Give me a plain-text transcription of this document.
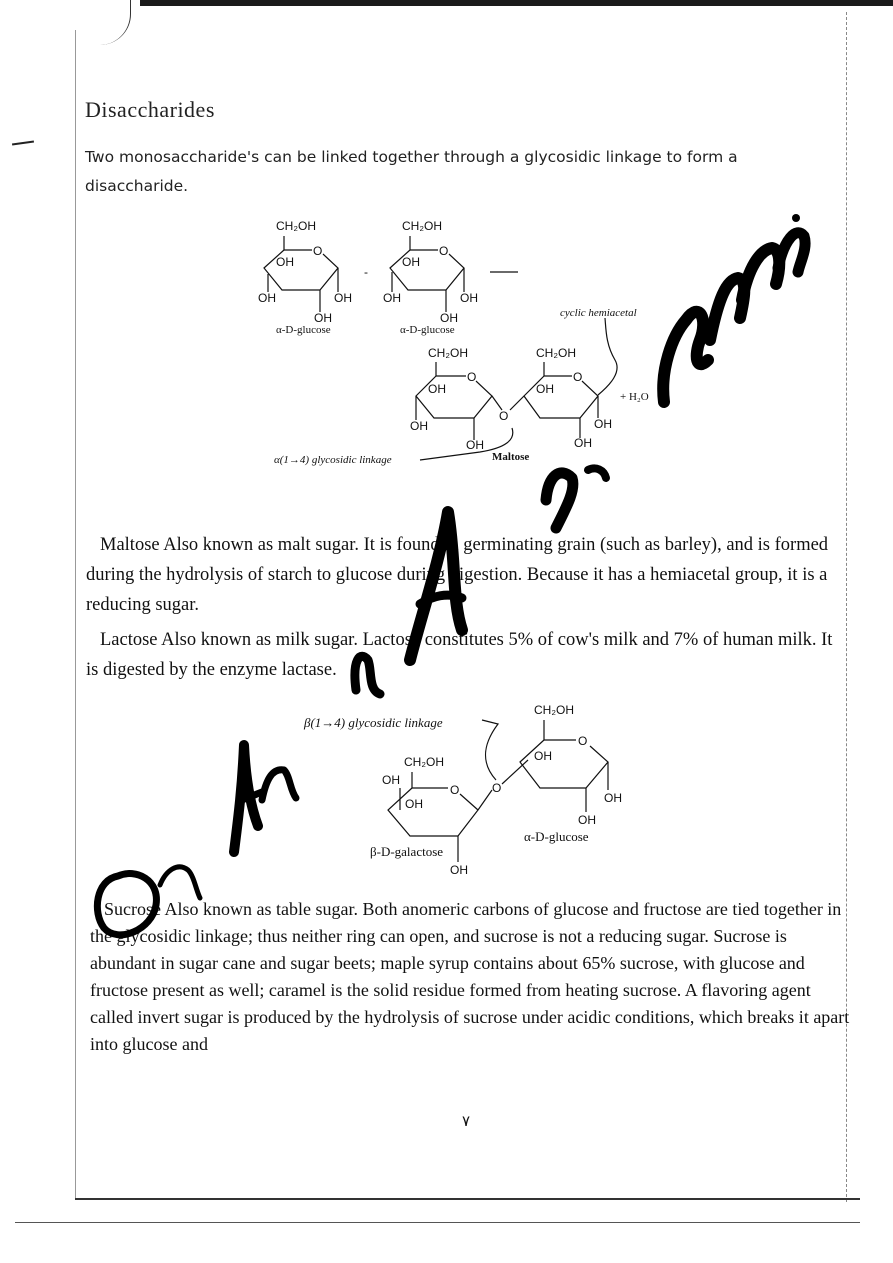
Disaccharides
Two monosaccharide's can be linked together through a glycosidic linkage to form a disaccharide.
CH₂OH
O
OH
OH
OH
OH
α-D-glucose
-
CH₂OH
O
OH
OH
OH
OH
α-D-glucose
cyclic hemiacetal
CH₂OH
O
OH
OH
OH
O
CH₂OH
O
OH
OH
OH
+ H₂O
α(1→4) glycosidic linkage	Maltose
β(1→4) glycosidic linkage
CH₂OH
O
OH
OH
OH
β-D-galactose
O
CH₂OH
O
OH
OH
OH
α-D-glucose
Maltose Also known as malt sugar. It is found in germinating grain (such as barley), and is formed during the hydrolysis of starch to glucose during digestion. Because it has a hemiacetal group, it is a reducing sugar.
Lactose Also known as milk sugar. Lactose constitutes 5% of cow's milk and 7% of human milk. It is digested by the enzyme lactase.
Sucrose Also known as table sugar. Both anomeric carbons of glucose and fructose are tied together in the glycosidic linkage; thus neither ring can open, and sucrose is not a reducing sugar. Sucrose is abundant in sugar cane and sugar beets; maple syrup contains about 65% sucrose, with glucose and fructose present as well; caramel is the solid residue formed from heating sucrose. A flavoring agent called invert sugar is produced by the hydrolysis of sucrose under acidic conditions, which breaks it apart into glucose and
٧
